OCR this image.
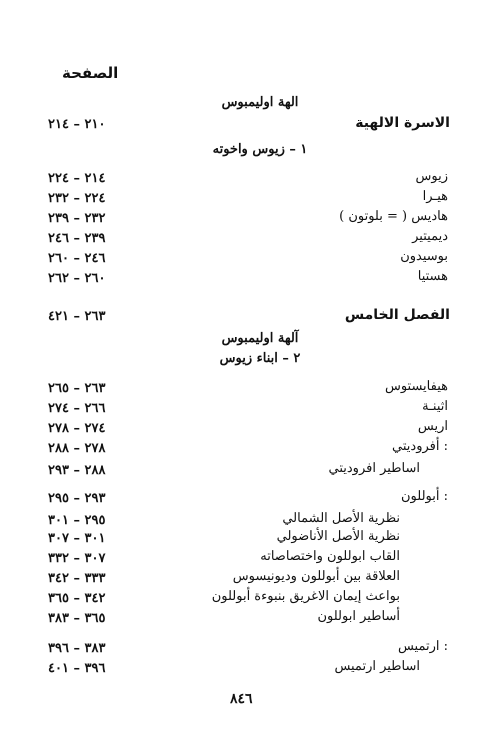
الصفحة
الهة اوليمبوس
الاسرة الالهية
٢١٠ – ٢١٤
١ – زيوس واخوته
زيوس
٢١٤ – ٢٢٤
هيـرا
٢٢٤ – ٢٣٢
هاديس ( = بلوتون )
٢٣٢ – ٢٣٩
ديميتير
٢٣٩ – ٢٤٦
بوسيدون
٢٤٦ – ٢٦٠
هستيا
٢٦٠ – ٢٦٢
الفصل الخامس
٢٦٣ – ٤٢١
آلهة اوليمبوس
٢ – ابناء زيوس
هيفايستوس
٢٦٣ – ٢٦٥
اثينـة
٢٦٦ – ٢٧٤
اريس
٢٧٤ – ٢٧٨
أفروديتي :
٢٧٨ – ٢٨٨
اساطير افروديتي
٢٨٨ – ٢٩٣
أبوللون :
٢٩٣ – ٢٩٥
نظرية الأصل الشمالي
٢٩٥ – ٣٠١
نظرية الأصل الأناضولي
٣٠١ – ٣٠٧
القاب ابوللون واختصاصاته
٣٠٧ – ٣٣٢
العلاقة بين أبوللون وديونيسوس
٣٣٣ – ٣٤٢
بواعث إيمان الاغريق بنبوءة أبوللون
٣٤٢ – ٣٦٥
أساطير ابوللون
٣٦٥ – ٣٨٣
ارتميس :
٣٨٣ – ٣٩٦
اساطير ارتميس
٣٩٦ – ٤٠١
٨٤٦
